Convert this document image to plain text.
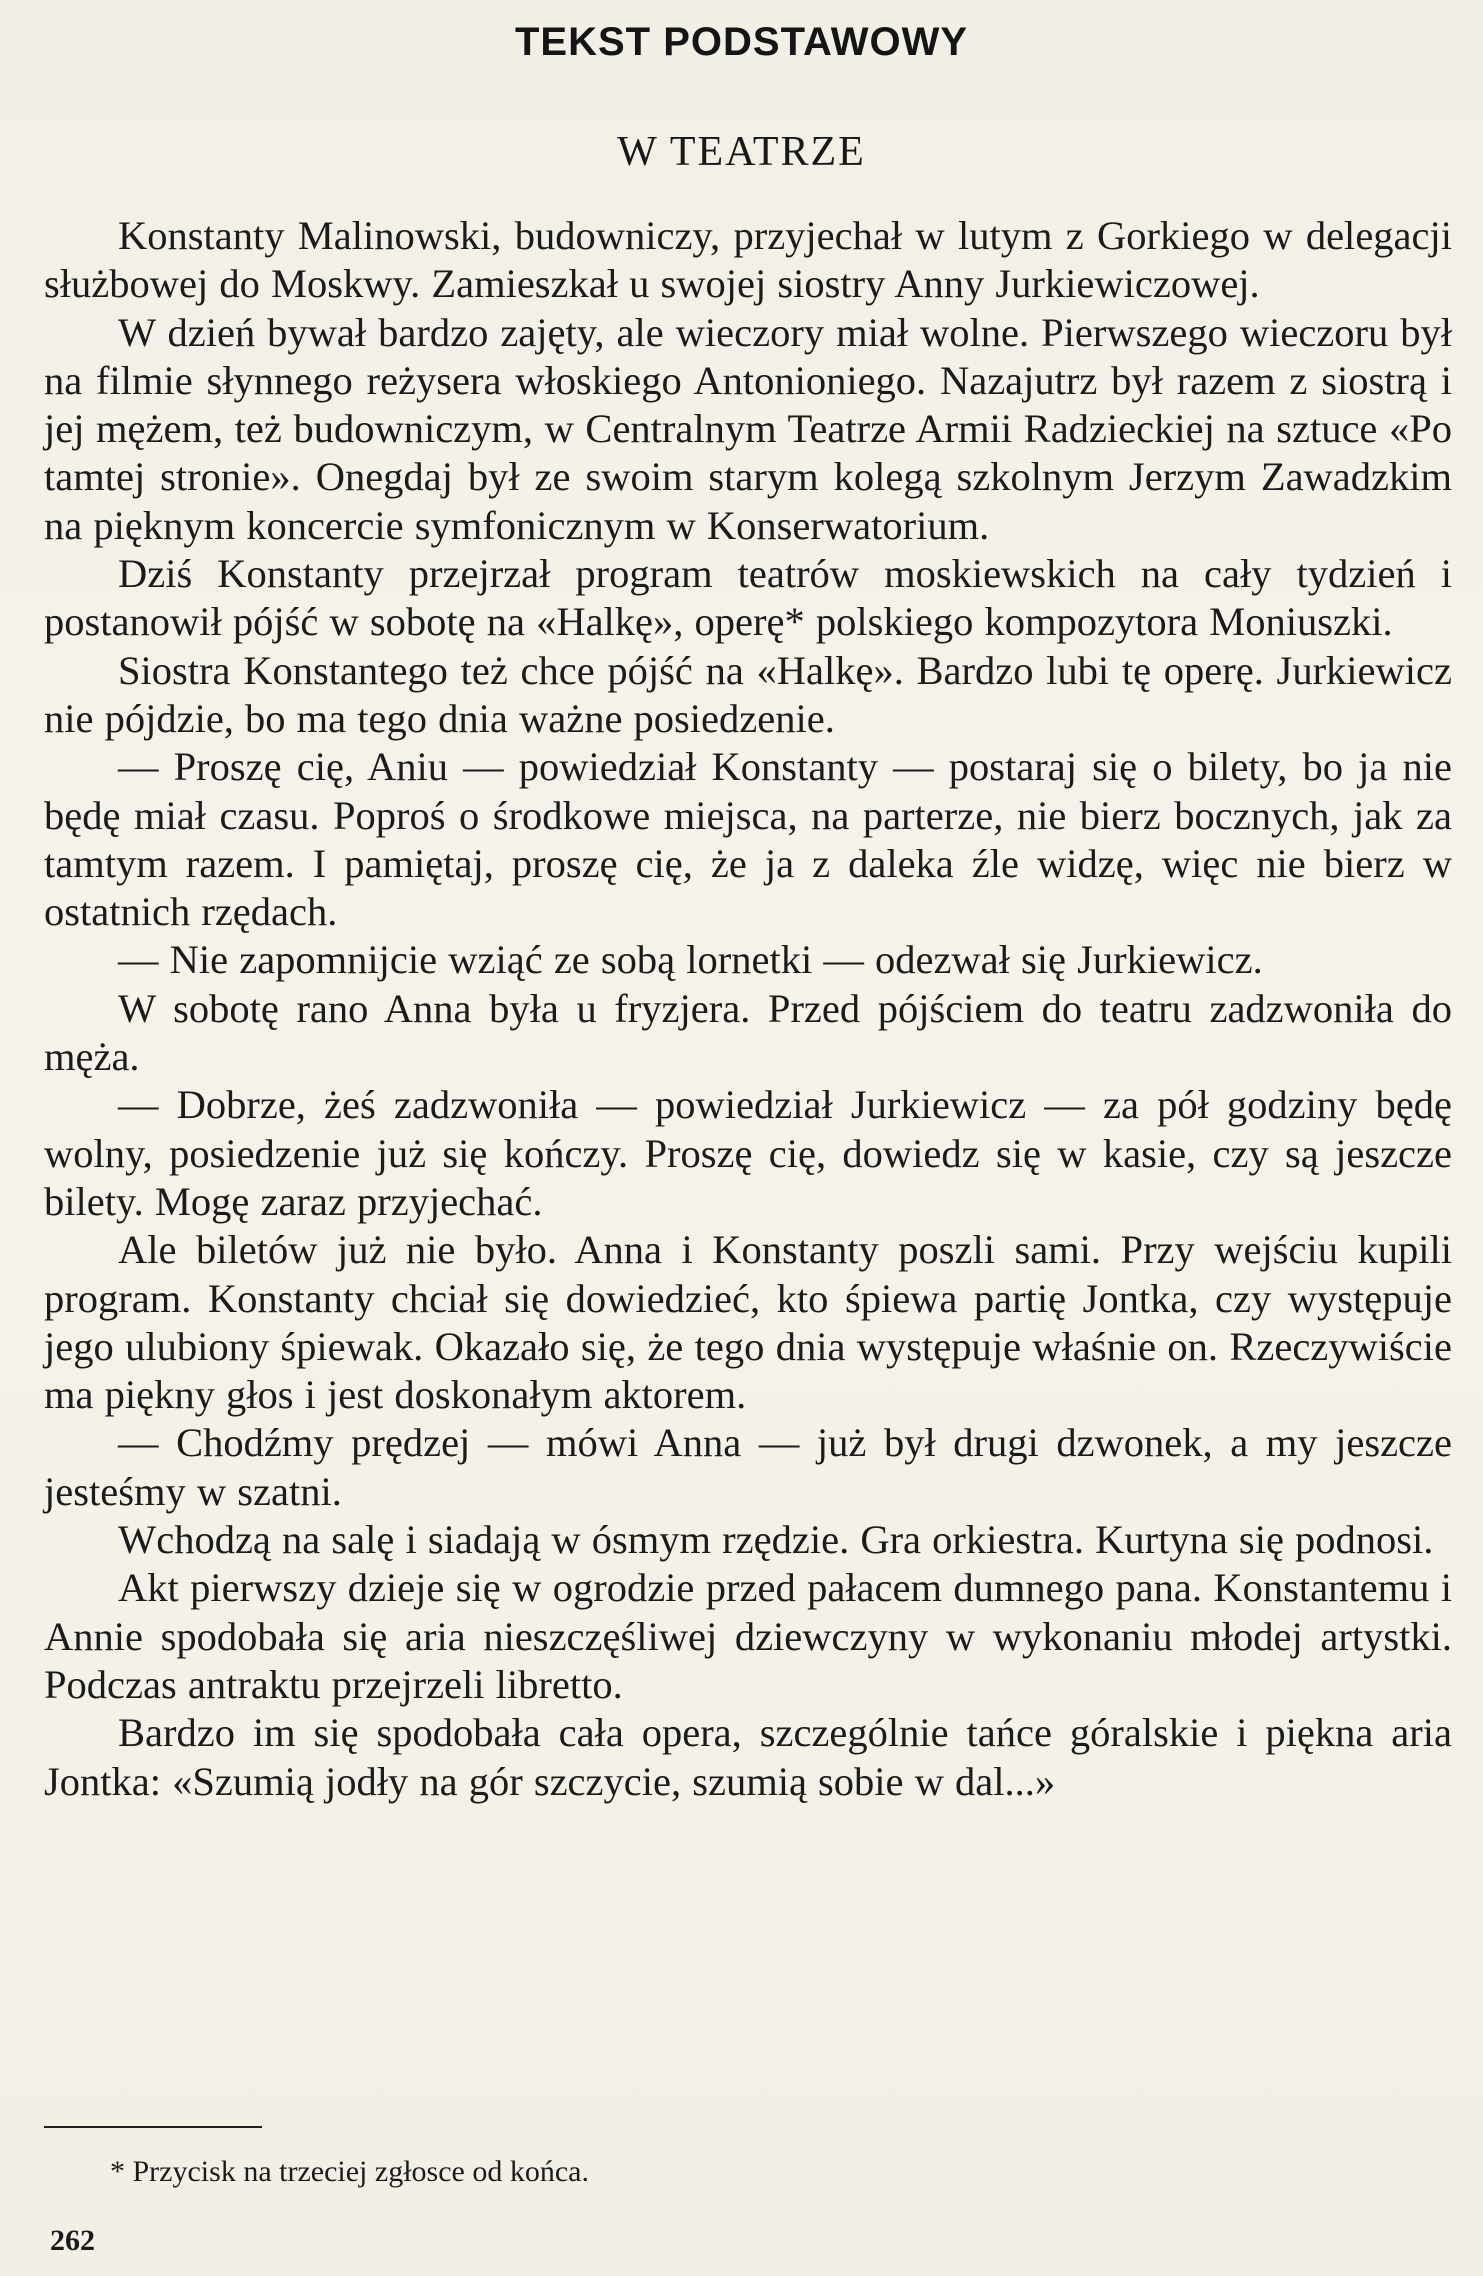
TEKST PODSTAWOWY
W TEATRZE

Konstanty Malinowski, budowniczy, przyjechał w lutym z Gorkiego w delegacji służbowej do Moskwy. Zamieszkał u swojej siostry Anny Jurkiewiczowej.

W dzień bywał bardzo zajęty, ale wieczory miał wolne. Pierwszego wieczoru był na filmie słynnego reżysera włoskiego Antonioniego. Nazajutrz był razem z siostrą i jej mężem, też budowniczym, w Centralnym Teatrze Armii Radzieckiej na sztuce «Po tamtej stronie». Onegdaj był ze swoim starym kolegą szkolnym Jerzym Zawadzkim na pięknym koncercie symfonicznym w Konserwatorium.

Dziś Konstanty przejrzał program teatrów moskiewskich na cały tydzień i postanowił pójść w sobotę na «Halkę», operę* polskiego kompozytora Moniuszki.

Siostra Konstantego też chce pójść na «Halkę». Bardzo lubi tę operę. Jurkiewicz nie pójdzie, bo ma tego dnia ważne posiedzenie.

— Proszę cię, Aniu — powiedział Konstanty — postaraj się o bilety, bo ja nie będę miał czasu. Poproś o środkowe miejsca, na parterze, nie bierz bocznych, jak za tamtym razem. I pamiętaj, proszę cię, że ja z daleka źle widzę, więc nie bierz w ostatnich rzędach.

— Nie zapomnijcie wziąć ze sobą lornetki — odezwał się Jurkiewicz.

W sobotę rano Anna była u fryzjera. Przed pójściem do teatru zadzwoniła do męża.

— Dobrze, żeś zadzwoniła — powiedział Jurkiewicz — za pół godziny będę wolny, posiedzenie już się kończy. Proszę cię, dowiedz się w kasie, czy są jeszcze bilety. Mogę zaraz przyjechać.

Ale biletów już nie było. Anna i Konstanty poszli sami. Przy wejściu kupili program. Konstanty chciał się dowiedzieć, kto śpiewa partię Jontka, czy występuje jego ulubiony śpiewak. Okazało się, że tego dnia występuje właśnie on. Rzeczywiście ma piękny głos i jest doskonałym aktorem.

— Chodźmy prędzej — mówi Anna — już był drugi dzwonek, a my jeszcze jesteśmy w szatni.

Wchodzą na salę i siadają w ósmym rzędzie. Gra orkiestra. Kurtyna się podnosi.

Akt pierwszy dzieje się w ogrodzie przed pałacem dumnego pana. Konstantemu i Annie spodobała się aria nieszczęśliwej dziewczyny w wykonaniu młodej artystki. Podczas antraktu przejrzeli libretto.

Bardzo im się spodobała cała opera, szczególnie tańce góralskie i piękna aria Jontka: «Szumią jodły na gór szczycie, szumią sobie w dal...»

* Przycisk na trzeciej zgłosce od końca.
262
